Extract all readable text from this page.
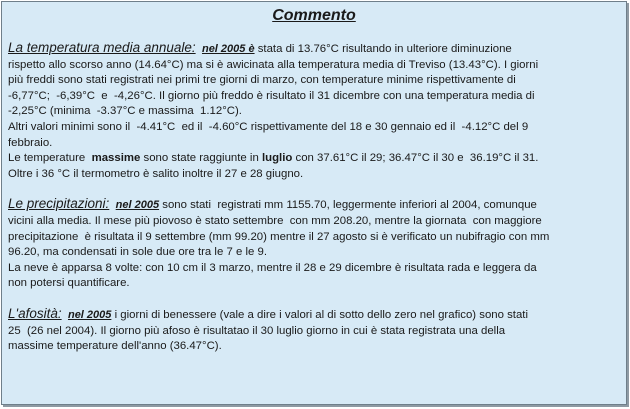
Commento
La temperatura media annuale: nel 2005 è stata di 13.76°C risultando in ulteriore diminuzione
rispetto allo scorso anno (14.64°C) ma si è awicinata alla temperatura media di Treviso (13.43°C). I giorni
più freddi sono stati registrati nei primi tre giorni di marzo, con temperature minime rispettivamente di
-6,77°C;  -6,39°C  e  -4,26°C. Il giorno più freddo è risultato il 31 dicembre con una temperatura media di
-2,25°C (minima  -3.37°C e massima  1.12°C).
Altri valori minimi sono il  -4.41°C  ed il  -4.60°C rispettivamente del 18 e 30 gennaio ed il  -4.12°C del 9
febbraio.
Le temperature massime sono state raggiunte in luglio con 37.61°C il 29; 36.47°C il 30 e  36.19°C il 31.
Oltre i 36 °C il termometro è salito inoltre il 27 e 28 giugno.
Le precipitazioni: nel 2005 sono stati  registrati mm 1155.70, leggermente inferiori al 2004, comunque
vicini alla media. Il mese più piovoso è stato settembre  con mm 208.20, mentre la giornata  con maggiore
precipitazione  è risultata il 9 settembre (mm 99.20) mentre il 27 agosto si è verificato un nubifragio con mm
96.20, ma condensati in sole due ore tra le 7 e le 9.
La neve è apparsa 8 volte: con 10 cm il 3 marzo, mentre il 28 e 29 dicembre è risultata rada e leggera da
non potersi quantificare.
L'afosità: nel 2005 i giorni di benessere (vale a dire i valori al di sotto dello zero nel grafico) sono stati
25  (26 nel 2004). Il giorno più afoso è risultatao il 30 luglio giorno in cui è stata registrata una della
massime temperature dell'anno (36.47°C).
